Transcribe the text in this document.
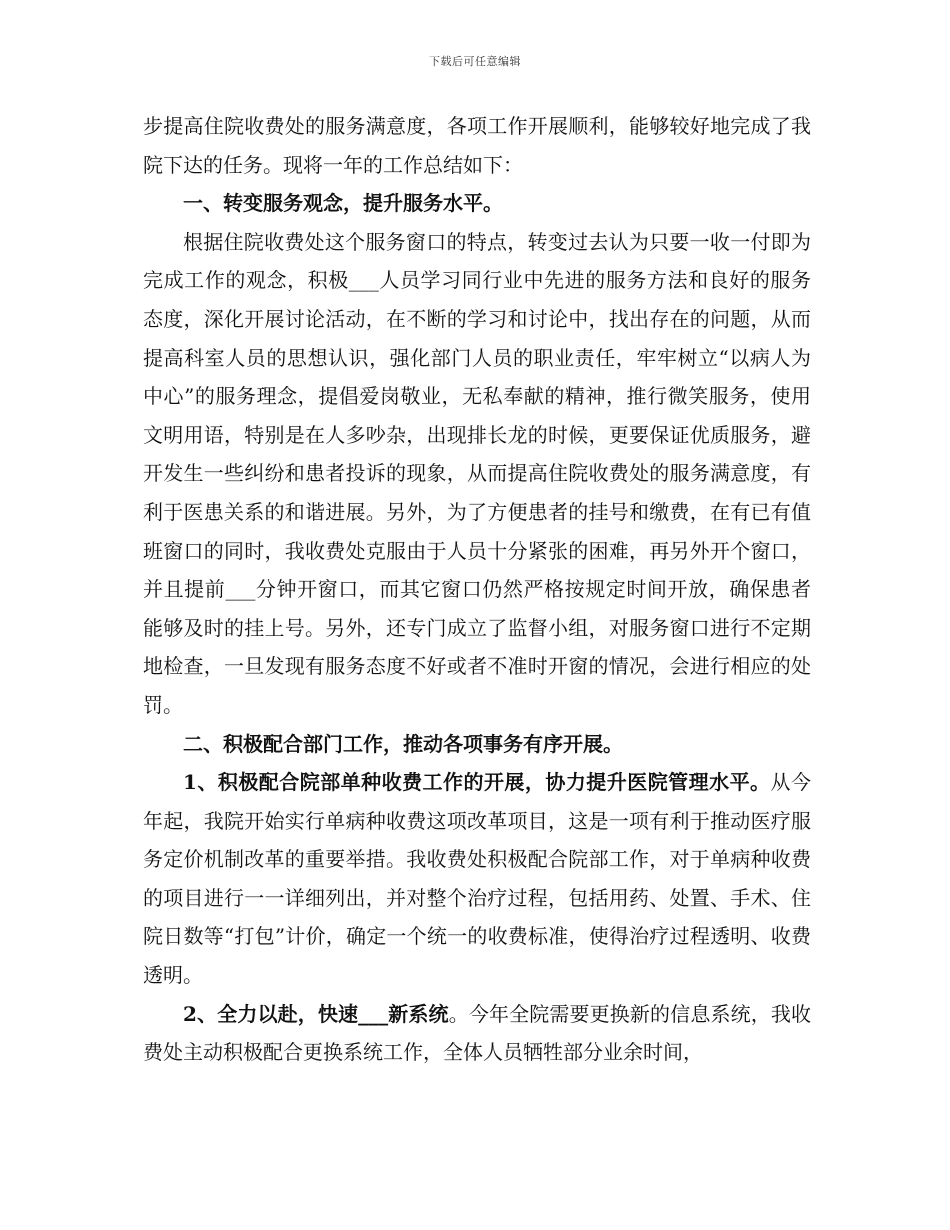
下载后可任意编辑

步提高住院收费处的服务满意度，各项工作开展顺利，能够较好地完成了我院下达的任务。现将一年的工作总结如下：

一、转变服务观念，提升服务水平。

根据住院收费处这个服务窗口的特点，转变过去认为只要一收一付即为完成工作的观念，积极___人员学习同行业中先进的服务方法和良好的服务态度，深化开展讨论活动，在不断的学习和讨论中，找出存在的问题，从而提高科室人员的思想认识，强化部门人员的职业责任，牢牢树立“以病人为中心”的服务理念，提倡爱岗敬业，无私奉献的精神，推行微笑服务，使用文明用语，特别是在人多吵杂，出现排长龙的时候，更要保证优质服务，避开发生一些纠纷和患者投诉的现象，从而提高住院收费处的服务满意度，有利于医患关系的和谐进展。另外，为了方便患者的挂号和缴费，在有已有值班窗口的同时，我收费处克服由于人员十分紧张的困难，再另外开个窗口，并且提前___分钟开窗口，而其它窗口仍然严格按规定时间开放，确保患者能够及时的挂上号。另外，还专门成立了监督小组，对服务窗口进行不定期地检查，一旦发现有服务态度不好或者不准时开窗的情况，会进行相应的处罚。

二、积极配合部门工作，推动各项事务有序开展。

1、积极配合院部单种收费工作的开展，协力提升医院管理水平。从今年起，我院开始实行单病种收费这项改革项目，这是一项有利于推动医疗服务定价机制改革的重要举措。我收费处积极配合院部工作，对于单病种收费的项目进行一一详细列出，并对整个治疗过程，包括用药、处置、手术、住院日数等“打包”计价，确定一个统一的收费标准，使得治疗过程透明、收费透明。

2、全力以赴，快速___新系统。今年全院需要更换新的信息系统，我收费处主动积极配合更换系统工作，全体人员牺牲部分业余时间，
